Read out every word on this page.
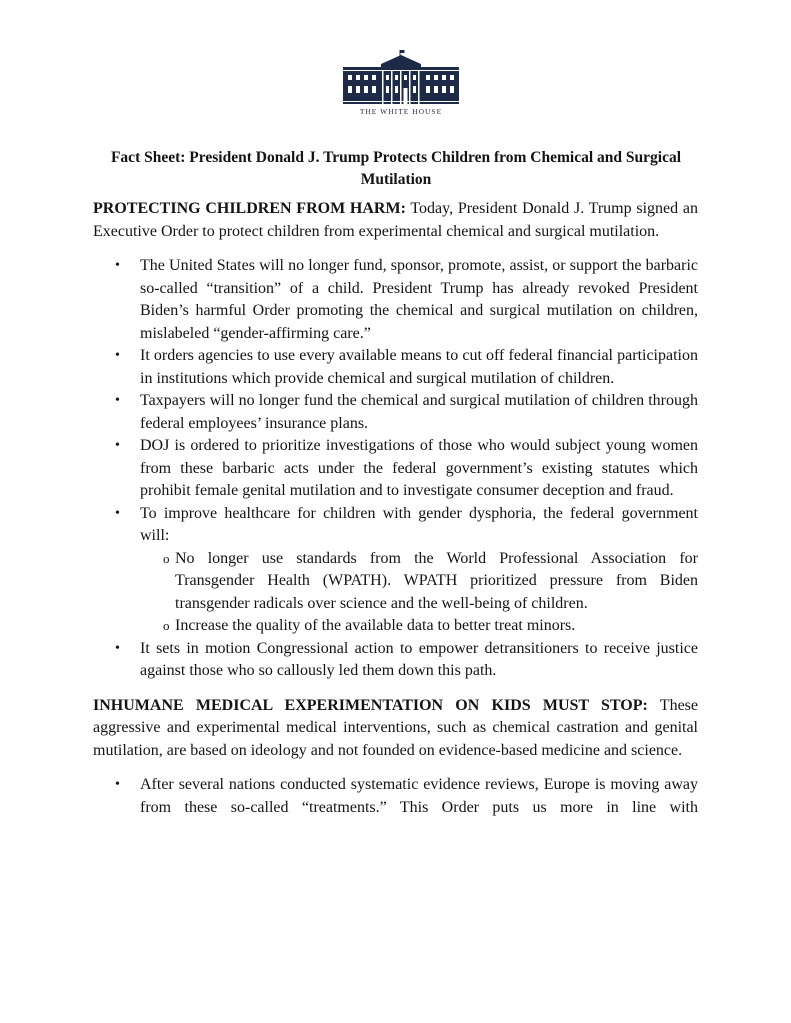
THE WHITE HOUSE
Fact Sheet: President Donald J. Trump Protects Children from Chemical and Surgical Mutilation

PROTECTING CHILDREN FROM HARM: Today, President Donald J. Trump signed an Executive Order to protect children from experimental chemical and surgical mutilation.

• The United States will no longer fund, sponsor, promote, assist, or support the barbaric so-called “transition” of a child. President Trump has already revoked President Biden’s harmful Order promoting the chemical and surgical mutilation on children, mislabeled “gender-affirming care.”
• It orders agencies to use every available means to cut off federal financial participation in institutions which provide chemical and surgical mutilation of children.
• Taxpayers will no longer fund the chemical and surgical mutilation of children through federal employees’ insurance plans.
• DOJ is ordered to prioritize investigations of those who would subject young women from these barbaric acts under the federal government’s existing statutes which prohibit female genital mutilation and to investigate consumer deception and fraud.
• To improve healthcare for children with gender dysphoria, the federal government will:
o No longer use standards from the World Professional Association for Transgender Health (WPATH). WPATH prioritized pressure from Biden transgender radicals over science and the well-being of children.
o Increase the quality of the available data to better treat minors.
• It sets in motion Congressional action to empower detransitioners to receive justice against those who so callously led them down this path.

INHUMANE MEDICAL EXPERIMENTATION ON KIDS MUST STOP: These aggressive and experimental medical interventions, such as chemical castration and genital mutilation, are based on ideology and not founded on evidence-based medicine and science.

• After several nations conducted systematic evidence reviews, Europe is moving away from these so-called “treatments.” This Order puts us more in line with
